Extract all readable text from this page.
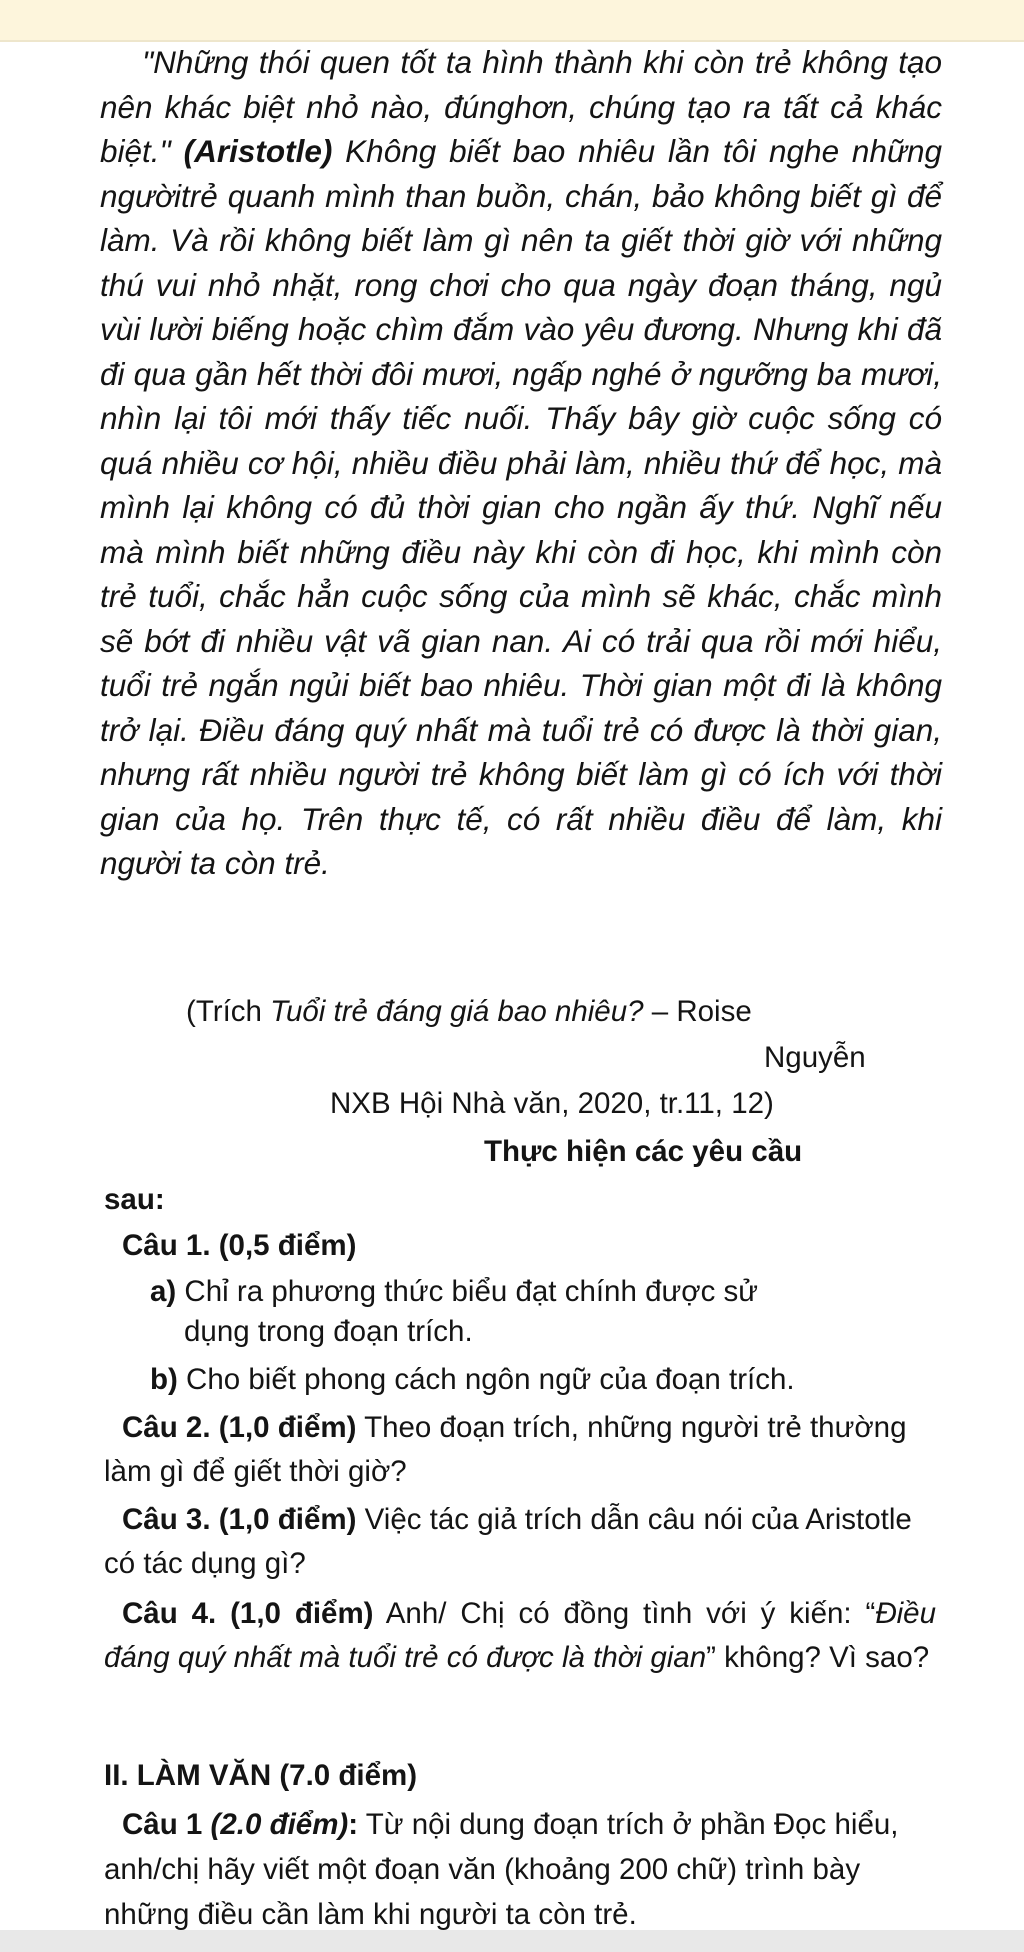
"Những thói quen tốt ta hình thành khi còn trẻ không tạo nên khác biệt nhỏ nào, đúnghơn, chúng tạo ra tất cả khác biệt." (Aristotle) Không biết bao nhiêu lần tôi nghe những ngườitrẻ quanh mình than buồn, chán, bảo không biết gì để làm. Và rồi không biết làm gì nên ta giết thời giờ với những thú vui nhỏ nhặt, rong chơi cho qua ngày đoạn tháng, ngủ vùi lười biếng hoặc chìm đắm vào yêu đương. Nhưng khi đã đi qua gần hết thời đôi mươi, ngấp nghé ở ngưỡng ba mươi, nhìn lại tôi mới thấy tiếc nuối. Thấy bây giờ cuộc sống có quá nhiều cơ hội, nhiều điều phải làm, nhiều thứ để học, mà mình lại không có đủ thời gian cho ngần ấy thứ. Nghĩ nếu mà mình biết những điều này khi còn đi học, khi mình còn trẻ tuổi, chắc hẳn cuộc sống của mình sẽ khác, chắc mình sẽ bớt đi nhiều vật vã gian nan. Ai có trải qua rồi mới hiểu, tuổi trẻ ngắn ngủi biết bao nhiêu. Thời gian một đi là không trở lại. Điều đáng quý nhất mà tuổi trẻ có được là thời gian, nhưng rất nhiều người trẻ không biết làm gì có ích với thời gian của họ. Trên thực tế, có rất nhiều điều để làm, khi người ta còn trẻ.

(Trích Tuổi trẻ đáng giá bao nhiêu? – Roise
Nguyễn
NXB Hội Nhà văn, 2020, tr.11, 12)
Thực hiện các yêu cầu
sau:
Câu 1. (0,5 điểm)
a) Chỉ ra phương thức biểu đạt chính được sử
dụng trong đoạn trích.
b) Cho biết phong cách ngôn ngữ của đoạn trích.
Câu 2. (1,0 điểm) Theo đoạn trích, những người trẻ thường làm gì để giết thời giờ?
Câu 3. (1,0 điểm) Việc tác giả trích dẫn câu nói của Aristotle có tác dụng gì?
Câu 4. (1,0 điểm) Anh/ Chị có đồng tình với ý kiến: “Điều đáng quý nhất mà tuổi trẻ có được là thời gian” không? Vì sao?
II. LÀM VĂN (7.0 điểm)
Câu 1 (2.0 điểm): Từ nội dung đoạn trích ở phần Đọc hiểu, anh/chị hãy viết một đoạn văn (khoảng 200 chữ) trình bày những điều cần làm khi người ta còn trẻ.
